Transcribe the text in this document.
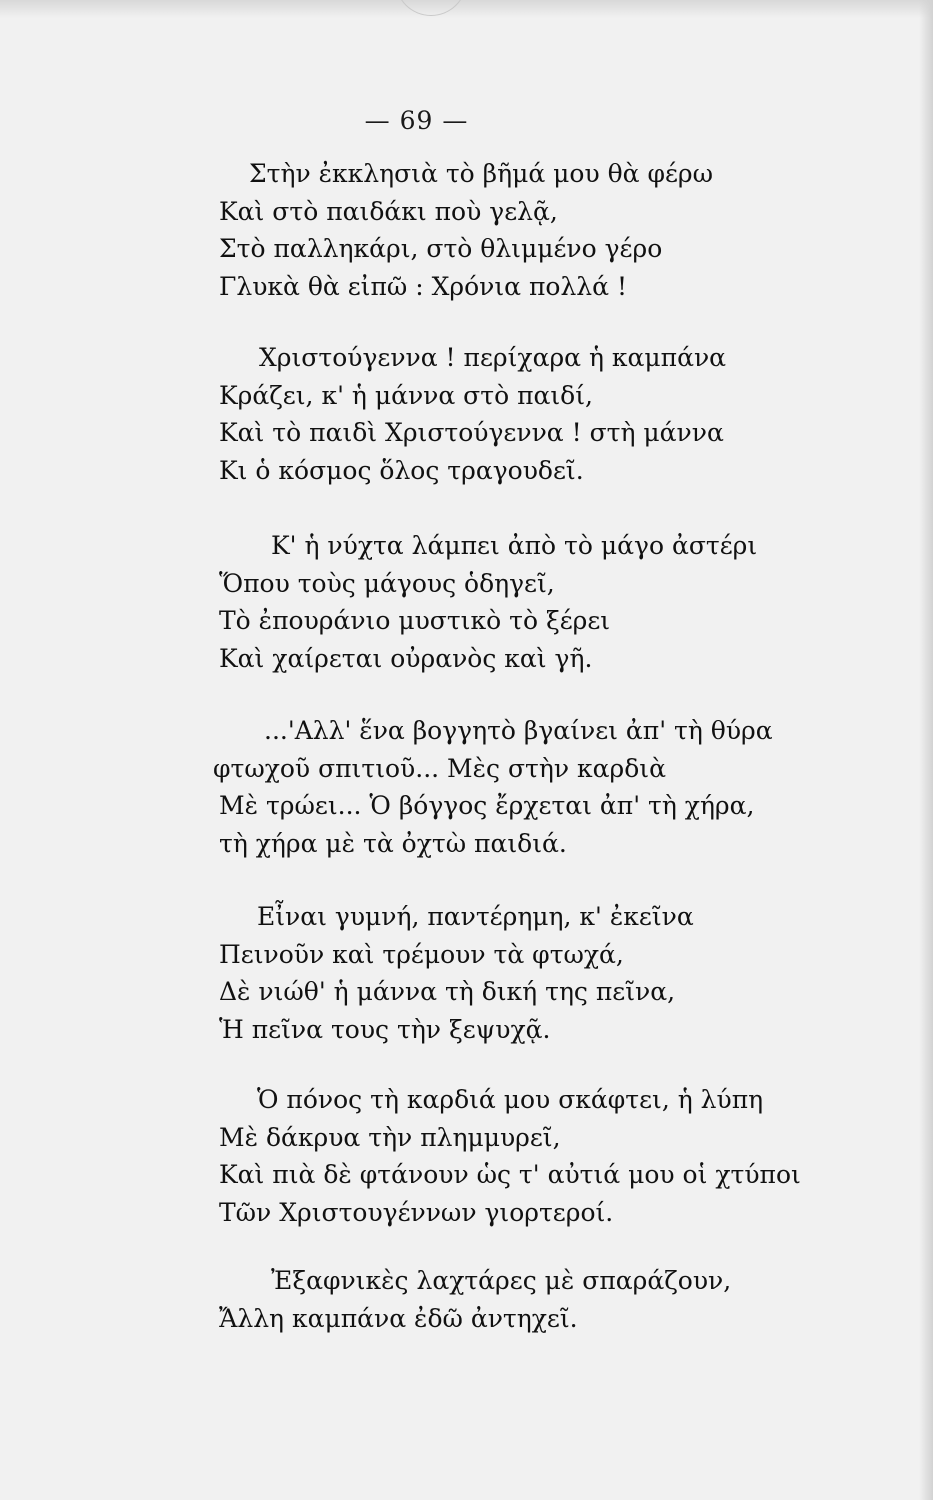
— 69 —
Στὴν ἐκκλησιὰ τὸ βῆμά μου θὰ φέρω
Καὶ στὸ παιδάκι ποὺ γελᾷ,
Στὸ παλληκάρι, στὸ θλιμμένο γέρο
Γλυκὰ θὰ εἰπῶ : Χρόνια πολλά !
Χριστούγεννα ! περίχαρα ἡ καμπάνα
Κράζει, κ' ἡ μάννα στὸ παιδί,
Καὶ τὸ παιδὶ Χριστούγεννα ! στὴ μάννα
Κι ὁ κόσμος ὅλος τραγουδεῖ.
Κ' ἡ νύχτα λάμπει ἀπὸ τὸ μάγο ἀστέρι
Ὅπου τοὺς μάγους ὁδηγεῖ,
Τὸ ἐπουράνιο μυστικὸ τὸ ξέρει
Καὶ χαίρεται οὐρανὸς καὶ γῆ.
...'Αλλ' ἕνα βογγητὸ βγαίνει ἀπ' τὴ θύρα
φτωχοῦ σπιτιοῦ... Μὲς στὴν καρδιὰ
Μὲ τρώει... Ὁ βόγγος ἔρχεται ἀπ' τὴ χήρα,
τὴ χήρα μὲ τὰ ὀχτὼ παιδιά.
Εἶναι γυμνή, παντέρημη, κ' ἐκεῖνα
Πεινοῦν καὶ τρέμουν τὰ φτωχά,
Δὲ νιώθ' ἡ μάννα τὴ δική της πεῖνα,
Ἡ πεῖνα τους τὴν ξεψυχᾷ.
Ὁ πόνος τὴ καρδιά μου σκάφτει, ἡ λύπη
Μὲ δάκρυα τὴν πλημμυρεῖ,
Καὶ πιὰ δὲ φτάνουν ὡς τ' αὐτιά μου οἱ χτύποι
Τῶν Χριστουγέννων γιορτεροί.
Ἐξαφνικὲς λαχτάρες μὲ σπαράζουν,
Ἄλλη καμπάνα ἐδῶ ἀντηχεῖ.
